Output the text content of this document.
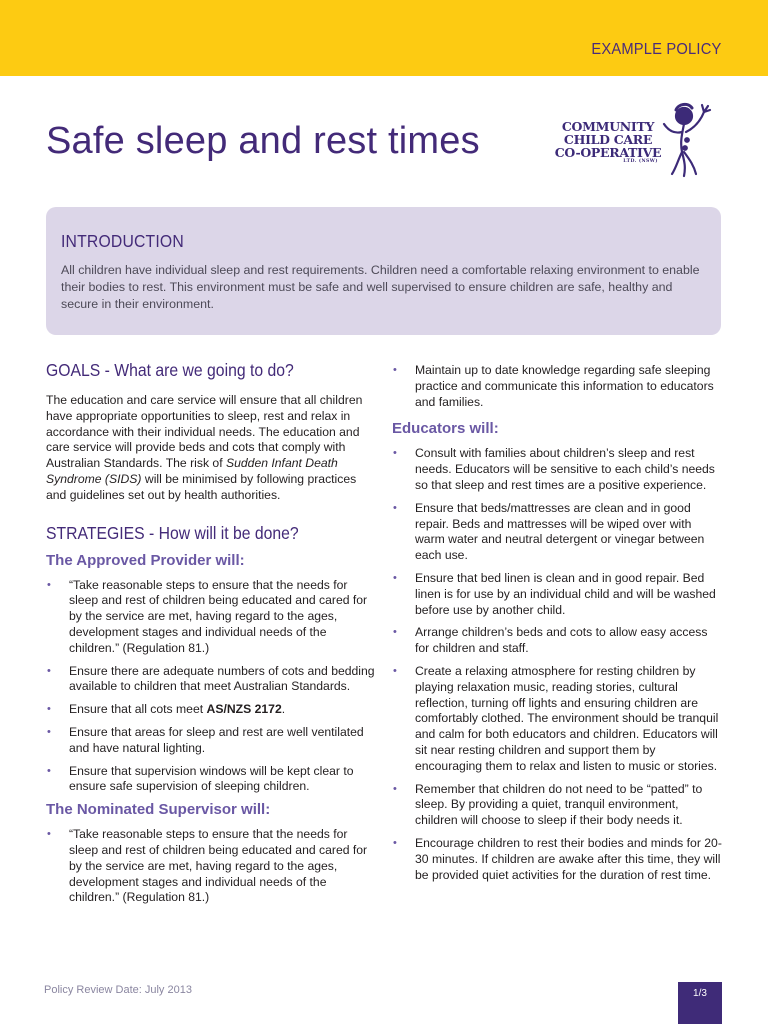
EXAMPLE POLICY
Safe sleep and rest times	COMMUNITY
CHILD CARE
CO-OPERATIVE
LTD. (NSW)
INTRODUCTION

All children have individual sleep and rest requirements. Children need a comfortable relaxing environment to enable their bodies to rest. This environment must be safe and well supervised to ensure children are safe, healthy and secure in their environment.

GOALS - What are we going to do?

The education and care service will ensure that all children have appropriate opportunities to sleep, rest and relax in accordance with their individual needs. The education and care service will provide beds and cots that comply with Australian Standards. The risk of Sudden Infant Death Syndrome (SIDS) will be minimised by following practices and guidelines set out by health authorities.

STRATEGIES - How will it be done?
The Approved Provider will:
• “Take reasonable steps to ensure that the needs for sleep and rest of children being educated and cared for by the service are met, having regard to the ages, development stages and individual needs of the children.” (Regulation 81.)
• Ensure there are adequate numbers of cots and bedding available to children that meet Australian Standards.
• Ensure that all cots meet AS/NZS 2172.
• Ensure that areas for sleep and rest are well ventilated and have natural lighting.
• Ensure that supervision windows will be kept clear to ensure safe supervision of sleeping children.
The Nominated Supervisor will:
• “Take reasonable steps to ensure that the needs for sleep and rest of children being educated and cared for by the service are met, having regard to the ages, development stages and individual needs of the children.” (Regulation 81.)
• Maintain up to date knowledge regarding safe sleeping practice and communicate this information to educators and families.
Educators will:
• Consult with families about children’s sleep and rest needs. Educators will be sensitive to each child’s needs so that sleep and rest times are a positive experience.
• Ensure that beds/mattresses are clean and in good repair. Beds and mattresses will be wiped over with warm water and neutral detergent or vinegar between each use.
• Ensure that bed linen is clean and in good repair. Bed linen is for use by an individual child and will be washed before use by another child.
• Arrange children’s beds and cots to allow easy access for children and staff.
• Create a relaxing atmosphere for resting children by playing relaxation music, reading stories, cultural reflection, turning off lights and ensuring children are comfortably clothed. The environment should be tranquil and calm for both educators and children. Educators will sit near resting children and support them by encouraging them to relax and listen to music or stories.
• Remember that children do not need to be “patted” to sleep. By providing a quiet, tranquil environment, children will choose to sleep if their body needs it.
• Encourage children to rest their bodies and minds for 20-30 minutes. If children are awake after this time, they will be provided quiet activities for the duration of rest time.
Policy Review Date: July 2013	1/3
